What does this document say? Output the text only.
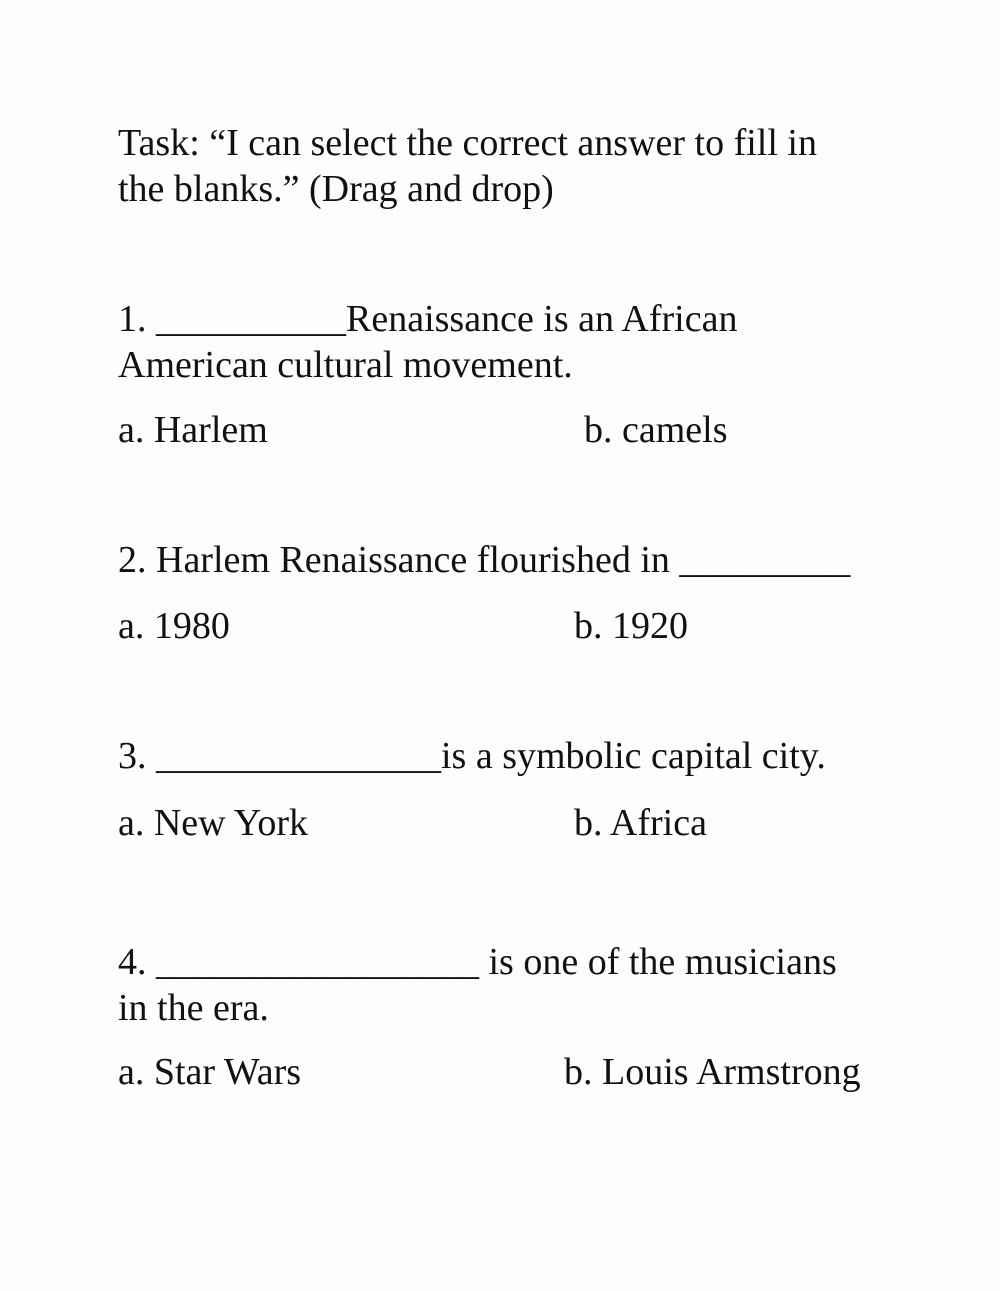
Task: “I can select the correct answer to fill in

the blanks.” (Drag and drop)

1. __________Renaissance is an African

American cultural movement.

a. Harlem	b. camels

2. Harlem Renaissance flourished in _________

a. 1980	b. 1920

3. _______________is a symbolic capital city.

a. New York	b. Africa

4. _________________ is one of the musicians

in the era.

a. Star Wars	b. Louis Armstrong
